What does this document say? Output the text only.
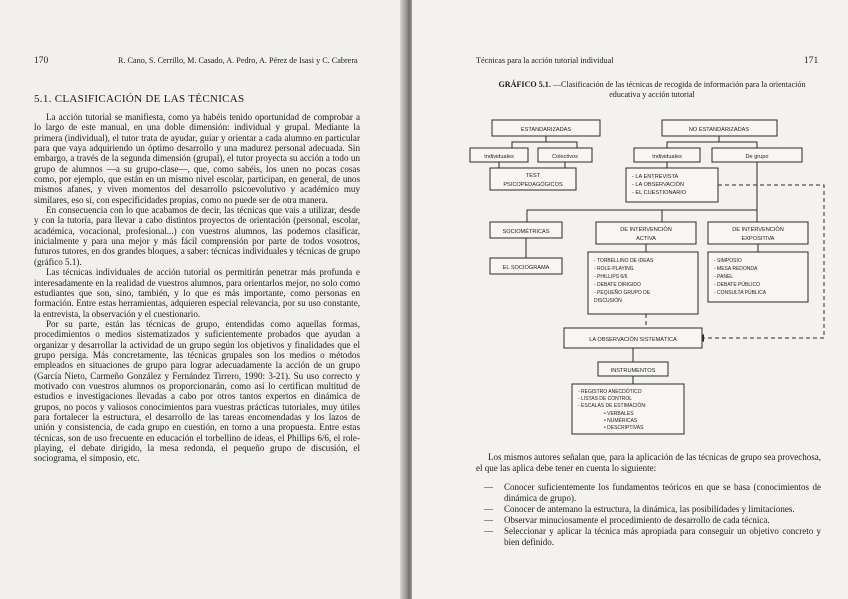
170	R. Cano, S. Cerrillo, M. Casado, A. Pedro, A. Pérez de Isasi y C. Cabrera
5.1. CLASIFICACIÓN DE LAS TÉCNICAS

La acción tutorial se manifiesta, como ya habéis tenido oportunidad de comprobar a lo largo de este manual, en una doble dimensión: individual y grupal. Mediante la primera (individual), el tutor trata de ayudar, guiar y orientar a cada alumno en particular para que vaya adquiriendo un óptimo desarrollo y una madurez personal adecuada. Sin embargo, a través de la segunda dimensión (grupal), el tutor proyecta su acción a todo un grupo de alumnos —a su grupo-clase—, que, como sabéis, los unen no pocas cosas como, por ejemplo, que están en un mismo nivel escolar, participan, en general, de unos mismos afanes, y viven momentos del desarrollo psicoevolutivo y académico muy similares, eso sí, con especificidades propias, como no puede ser de otra manera.

En consecuencia con lo que acabamos de decir, las técnicas que vais a utilizar, desde y con la tutoría, para llevar a cabo distintos proyectos de orientación (personal, escolar, académica, vocacional, profesional...) con vuestros alumnos, las podemos clasificar, inicialmente y para una mejor y más fácil comprensión por parte de todos vosotros, futuros tutores, en dos grandes bloques, a saber: técnicas individuales y técnicas de grupo (gráfico 5.1).

Las técnicas individuales de acción tutorial os permitirán penetrar más profunda e interesadamente en la realidad de vuestros alumnos, para orientarlos mejor, no solo como estudiantes que son, sino, también, y lo que es más importante, como personas en formación. Entre estas herramientas, adquieren especial relevancia, por su uso constante, la entrevista, la observación y el cuestionario.

Por su parte, están las técnicas de grupo, entendidas como aquellas formas, procedimientos o medios sistematizados y suficientemente probados que ayudan a organizar y desarrollar la actividad de un grupo según los objetivos y finalidades que el grupo persiga. Más concretamente, las técnicas grupales son los medios o métodos empleados en situaciones de grupo para lograr adecuadamente la acción de un grupo (García Nieto, Carmeño González y Fernández Tirrero, 1990: 3-21). Su uso correcto y motivado con vuestros alumnos os proporcionarán, como así lo certifican multitud de estudios e investigaciones llevadas a cabo por otros tantos expertos en dinámica de grupos, no pocos y valiosos conocimientos para vuestras prácticas tutoriales, muy útiles para fortalecer la estructura, el desarrollo de las tareas encomendadas y los lazos de unión y consistencia, de cada grupo en cuestión, en torno a una propuesta. Entre estas técnicas, son de uso frecuente en educación el torbellino de ideas, el Phillips 6/6, el role-playing, el debate dirigido, la mesa redonda, el pequeño grupo de discusión, el sociograma, el simposio, etc.

Técnicas para la acción tutorial individual	171
GRÁFICO 5.1. —Clasificación de las técnicas de recogida de información para la orientación educativa y acción tutorial
ESTANDARIZADAS	NO ESTANDARIZADAS
Individuales	Colectivos
TEST
PSICOPEDAGÓGICOS
Individuales	De grupo
- LA ENTREVISTA
- LA OBSERVACIÓN
- EL CUESTIONARIO
SOCIOMÉTRICAS
EL SOCIOGRAMA
DE INTERVENCIÓN
ACTIVA
- TORBELLINO DE IDEAS
- ROLE-PLAYING
- PHILLIPS 6/6
- DEBATE DIRIGIDO
- PEQUEÑO GRUPO DE
DISCUSIÓN
DE INTERVENCIÓN
EXPOSITIVA
- SIMPOSIO
- MESA REDONDA
- PANEL
- DEBATE PÚBLICO
- CONSULTA PÚBLICA
LA OBSERVACIÓN SISTEMÁTICA
INSTRUMENTOS
- REGISTRO ANECDÓTICO
- LISTAS DE CONTROL
- ESCALAS DE ESTIMACIÓN:
• VERBALES
• NUMÉRICAS
• DESCRIPTIVAS

Los mismos autores señalan que, para la aplicación de las técnicas de grupo sea provechosa, el que las aplica debe tener en cuenta lo siguiente:

— Conocer suficientemente los fundamentos teóricos en que se basa (conocimientos de dinámica de grupo).
— Conocer de antemano la estructura, la dinámica, las posibilidades y limitaciones.
— Observar minuciosamente el procedimiento de desarrollo de cada técnica.
— Seleccionar y aplicar la técnica más apropiada para conseguir un objetivo concreto y bien definido.
